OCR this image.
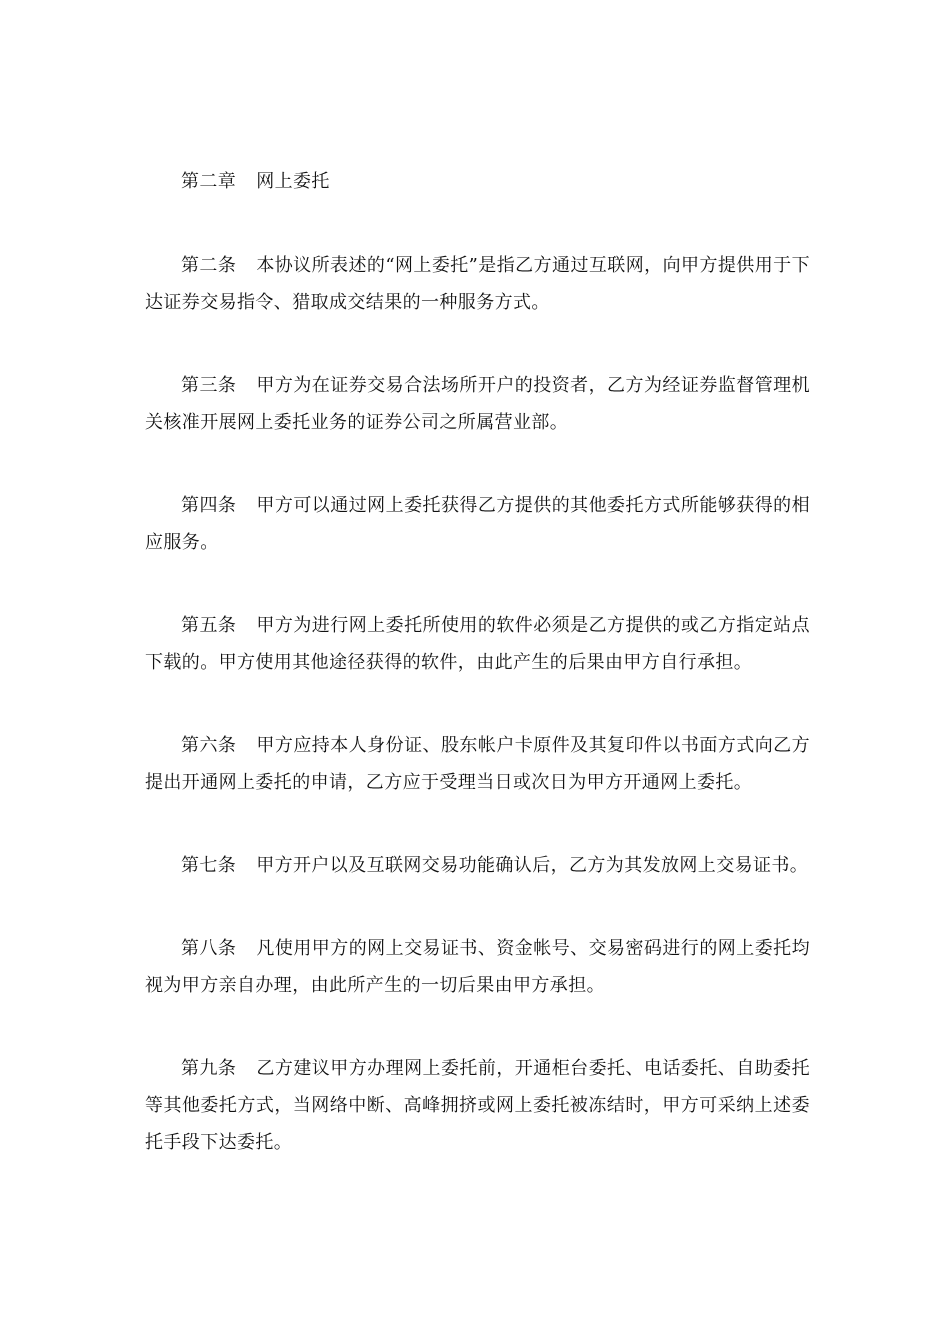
第二章 网上委托

第二条 本协议所表述的“网上委托”是指乙方通过互联网，向甲方提供用于下达证券交易指令、猎取成交结果的一种服务方式。

第三条 甲方为在证券交易合法场所开户的投资者，乙方为经证券监督管理机关核准开展网上委托业务的证券公司之所属营业部。

第四条 甲方可以通过网上委托获得乙方提供的其他委托方式所能够获得的相应服务。

第五条 甲方为进行网上委托所使用的软件必须是乙方提供的或乙方指定站点下载的。甲方使用其他途径获得的软件，由此产生的后果由甲方自行承担。

第六条 甲方应持本人身份证、股东帐户卡原件及其复印件以书面方式向乙方提出开通网上委托的申请，乙方应于受理当日或次日为甲方开通网上委托。

第七条 甲方开户以及互联网交易功能确认后，乙方为其发放网上交易证书。

第八条 凡使用甲方的网上交易证书、资金帐号、交易密码进行的网上委托均视为甲方亲自办理，由此所产生的一切后果由甲方承担。

第九条 乙方建议甲方办理网上委托前，开通柜台委托、电话委托、自助委托等其他委托方式，当网络中断、高峰拥挤或网上委托被冻结时，甲方可采纳上述委托手段下达委托。
